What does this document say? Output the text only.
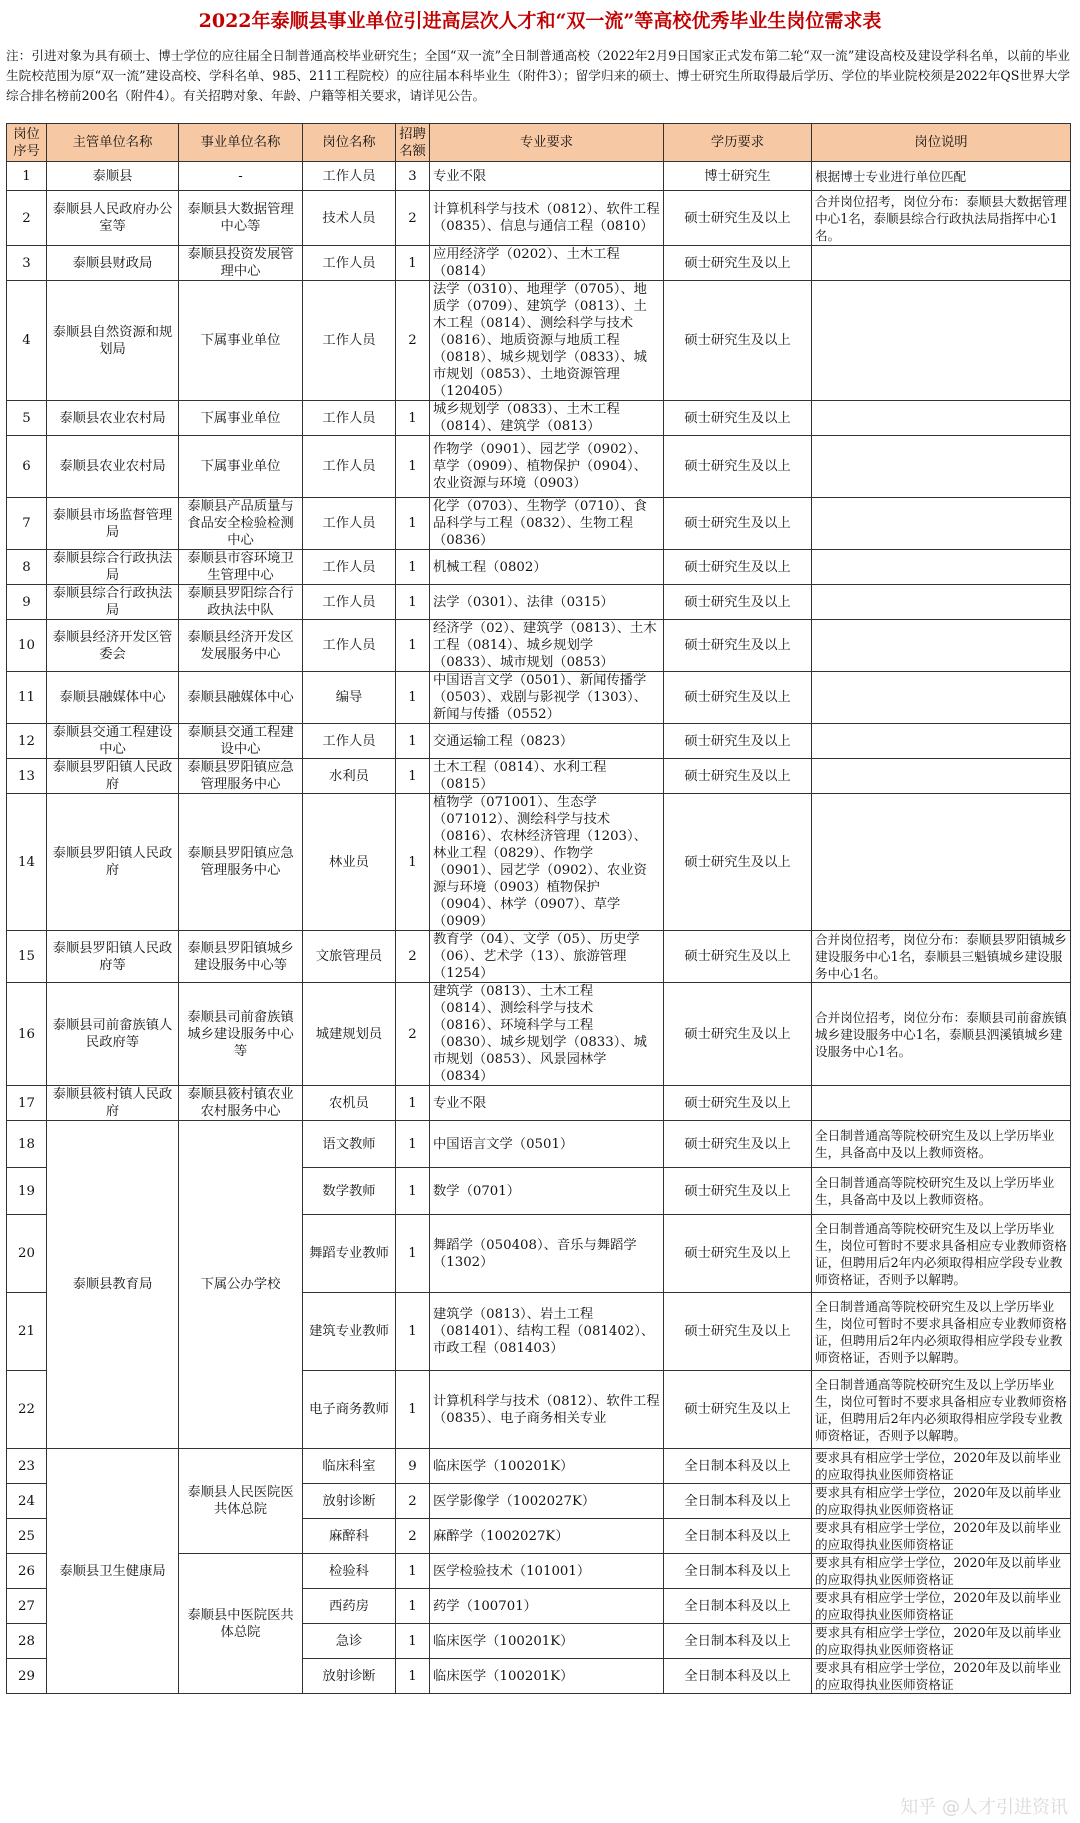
2022年泰顺县事业单位引进高层次人才和“双一流”等高校优秀毕业生岗位需求表
注：引进对象为具有硕士、博士学位的应往届全日制普通高校毕业研究生；全国“双一流”全日制普通高校（2022年2月9日国家正式发布第二轮“双一流”建设高校及建设学科名单，以前的毕业生院校范围为原“双一流”建设高校、学科名单、985、211工程院校）的应往届本科毕业生（附件3）；留学归来的硕士、博士研究生所取得最后学历、学位的毕业院校须是2022年QS世界大学综合排名榜前200名（附件4）。有关招聘对象、年龄、户籍等相关要求，请详见公告。
岗位序号	主管单位名称	事业单位名称	岗位名称	招聘名额	专业要求	学历要求	岗位说明
1	泰顺县	-	工作人员	3	专业不限	博士研究生	根据博士专业进行单位匹配
2	泰顺县人民政府办公室等	泰顺县大数据管理中心等	技术人员	2	计算机科学与技术（0812）、软件工程（0835）、信息与通信工程（0810）	硕士研究生及以上	合并岗位招考，岗位分布：泰顺县大数据管理中心1名，泰顺县综合行政执法局指挥中心1名。
3	泰顺县财政局	泰顺县投资发展管理中心	工作人员	1	应用经济学（0202）、土木工程（0814）	硕士研究生及以上	
4	泰顺县自然资源和规划局	下属事业单位	工作人员	2	法学（0310）、地理学（0705）、地质学（0709）、建筑学（0813）、土木工程（0814）、测绘科学与技术（0816）、地质资源与地质工程（0818）、城乡规划学（0833）、城市规划（0853）、土地资源管理（120405）	硕士研究生及以上	
5	泰顺县农业农村局	下属事业单位	工作人员	1	城乡规划学（0833）、土木工程（0814）、建筑学（0813）	硕士研究生及以上	
6	泰顺县农业农村局	下属事业单位	工作人员	1	作物学（0901）、园艺学（0902）、草学（0909）、植物保护（0904）、农业资源与环境（0903）	硕士研究生及以上	
7	泰顺县市场监督管理局	泰顺县产品质量与食品安全检验检测中心	工作人员	1	化学（0703）、生物学（0710）、食品科学与工程（0832）、生物工程（0836）	硕士研究生及以上	
8	泰顺县综合行政执法局	泰顺县市容环境卫生管理中心	工作人员	1	机械工程（0802）	硕士研究生及以上	
9	泰顺县综合行政执法局	泰顺县罗阳综合行政执法中队	工作人员	1	法学（0301）、法律（0315）	硕士研究生及以上	
10	泰顺县经济开发区管委会	泰顺县经济开发区发展服务中心	工作人员	1	经济学（02）、建筑学（0813）、土木工程（0814）、城乡规划学（0833）、城市规划（0853）	硕士研究生及以上	
11	泰顺县融媒体中心	泰顺县融媒体中心	编导	1	中国语言文学（0501）、新闻传播学（0503）、戏剧与影视学（1303）、新闻与传播（0552）	硕士研究生及以上	
12	泰顺县交通工程建设中心	泰顺县交通工程建设中心	工作人员	1	交通运输工程（0823）	硕士研究生及以上	
13	泰顺县罗阳镇人民政府	泰顺县罗阳镇应急管理服务中心	水利员	1	土木工程（0814）、水利工程（0815）	硕士研究生及以上	
14	泰顺县罗阳镇人民政府	泰顺县罗阳镇应急管理服务中心	林业员	1	植物学（071001）、生态学（071012）、测绘科学与技术（0816）、农林经济管理（1203）、林业工程（0829）、作物学（0901）、园艺学（0902）、农业资源与环境（0903）植物保护（0904）、林学（0907）、草学（0909）	硕士研究生及以上	
15	泰顺县罗阳镇人民政府等	泰顺县罗阳镇城乡建设服务中心等	文旅管理员	2	教育学（04）、文学（05）、历史学（06）、艺术学（13）、旅游管理（1254）	硕士研究生及以上	合并岗位招考，岗位分布：泰顺县罗阳镇城乡建设服务中心1名，泰顺县三魁镇城乡建设服务中心1名。
16	泰顺县司前畲族镇人民政府等	泰顺县司前畲族镇城乡建设服务中心等	城建规划员	2	建筑学（0813）、土木工程（0814）、测绘科学与技术（0816）、环境科学与工程（0830）、城乡规划学（0833）、城市规划（0853）、风景园林学（0834）	硕士研究生及以上	合并岗位招考，岗位分布：泰顺县司前畲族镇城乡建设服务中心1名，泰顺县泗溪镇城乡建设服务中心1名。
17	泰顺县筱村镇人民政府	泰顺县筱村镇农业农村服务中心	农机员	1	专业不限	硕士研究生及以上	
18	泰顺县教育局	下属公办学校	语文教师	1	中国语言文学（0501）	硕士研究生及以上	全日制普通高等院校研究生及以上学历毕业生，具备高中及以上教师资格。
19			数学教师	1	数学（0701）	硕士研究生及以上	全日制普通高等院校研究生及以上学历毕业生，具备高中及以上教师资格。
20			舞蹈专业教师	1	舞蹈学（050408）、音乐与舞蹈学（1302）	硕士研究生及以上	全日制普通高等院校研究生及以上学历毕业生，岗位可暂时不要求具备相应专业教师资格证，但聘用后2年内必须取得相应学段专业教师资格证，否则予以解聘。
21			建筑专业教师	1	建筑学（0813）、岩土工程（081401）、结构工程（081402）、市政工程（081403）	硕士研究生及以上	全日制普通高等院校研究生及以上学历毕业生，岗位可暂时不要求具备相应专业教师资格证，但聘用后2年内必须取得相应学段专业教师资格证，否则予以解聘。
22			电子商务教师	1	计算机科学与技术（0812）、软件工程（0835）、电子商务相关专业	硕士研究生及以上	全日制普通高等院校研究生及以上学历毕业生，岗位可暂时不要求具备相应专业教师资格证，但聘用后2年内必须取得相应学段专业教师资格证，否则予以解聘。
23	泰顺县卫生健康局	泰顺县人民医院医共体总院	临床科室	9	临床医学（100201K）	全日制本科及以上	要求具有相应学士学位，2020年及以前毕业的应取得执业医师资格证
24			放射诊断	2	医学影像学（1002027K）	全日制本科及以上	要求具有相应学士学位，2020年及以前毕业的应取得执业医师资格证
25			麻醉科	2	麻醉学（1002027K）	全日制本科及以上	要求具有相应学士学位，2020年及以前毕业的应取得执业医师资格证
26		泰顺县中医院医共体总院	检验科	1	医学检验技术（101001）	全日制本科及以上	要求具有相应学士学位，2020年及以前毕业的应取得执业医师资格证
27			西药房	1	药学（100701）	全日制本科及以上	要求具有相应学士学位，2020年及以前毕业的应取得执业医师资格证
28			急诊	1	临床医学（100201K）	全日制本科及以上	要求具有相应学士学位，2020年及以前毕业的应取得执业医师资格证
29			放射诊断	1	临床医学（100201K）	全日制本科及以上	要求具有相应学士学位，2020年及以前毕业的应取得执业医师资格证
知乎 @人才引进资讯
